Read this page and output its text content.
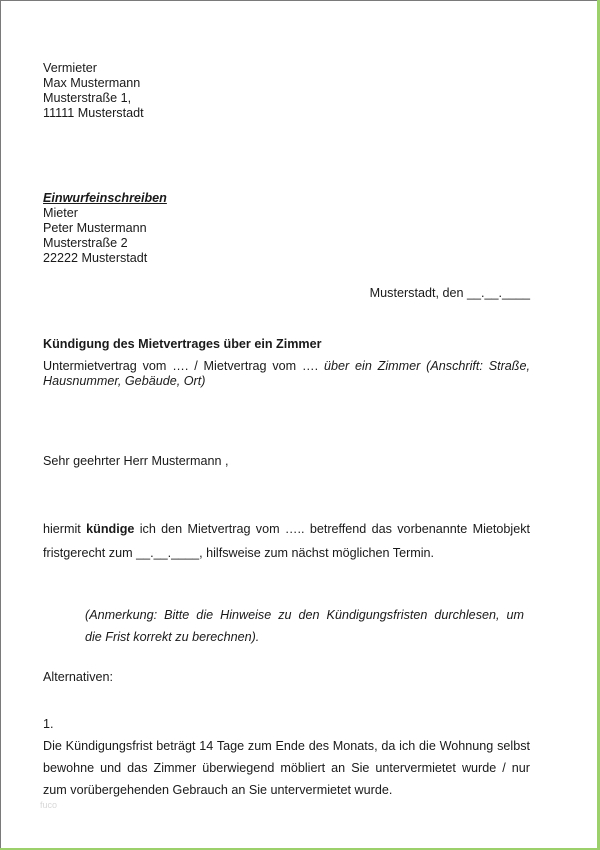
Vermieter
Max Mustermann
Musterstraße 1,
11111 Musterstadt
Einwurfeinschreiben
Mieter
Peter Mustermann
Musterstraße 2
22222 Musterstadt
Musterstadt, den __.__.____
Kündigung des Mietvertrages über ein Zimmer
Untermietvertrag vom …. / Mietvertrag vom …. über ein Zimmer (Anschrift: Straße,
Hausnummer, Gebäude, Ort)
Sehr geehrter Herr Mustermann ,
hiermit kündige ich den Mietvertrag vom ….. betreffend das vorbenannte Mietobjekt
fristgerecht zum __.__.____, hilfsweise zum nächst möglichen Termin.
(Anmerkung: Bitte die Hinweise zu den Kündigungsfristen durchlesen, um
die Frist korrekt zu berechnen).
Alternativen:
1.
Die Kündigungsfrist beträgt 14 Tage zum Ende des Monats, da ich die Wohnung selbst
bewohne und das Zimmer überwiegend möbliert an Sie untervermietet wurde / nur
zum vorübergehenden Gebrauch an Sie untervermietet wurde.
fuco
